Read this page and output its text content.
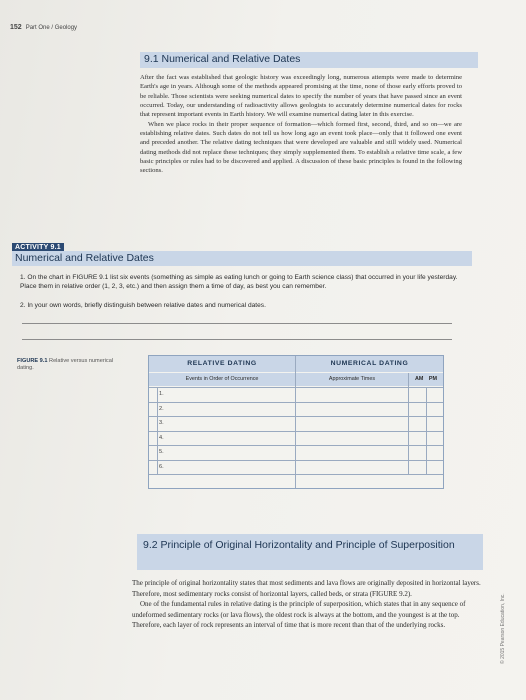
152 Part One / Geology
9.1 Numerical and Relative Dates

After the fact was established that geologic history was exceedingly long, numerous attempts were made to determine Earth's age in years. Although some of the methods appeared promising at the time, none of those early efforts proved to be reliable. Those scientists were seeking numerical dates to specify the number of years that have passed since an event occurred. Today, our understanding of radioactivity allows geologists to accurately determine numerical dates for rocks that represent important events in Earth history. We will examine numerical dating later in this exercise.

When we place rocks in their proper sequence of formation—which formed first, second, third, and so on—we are establishing relative dates. Such dates do not tell us how long ago an event took place—only that it followed one event and preceded another. The relative dating techniques that were developed are valuable and still widely used. Numerical dating methods did not replace these techniques; they simply supplemented them. To establish a relative time scale, a few basic principles or rules had to be discovered and applied. A discussion of these basic principles is found in the following sections.

ACTIVITY 9.1
Numerical and Relative Dates
1. On the chart in FIGURE 9.1 list six events (something as simple as eating lunch or going to Earth science class) that occurred in your life yesterday. Place them in relative order (1, 2, 3, etc.) and then assign them a time of day, as best you can remember.
2. In your own words, briefly distinguish between relative dates and numerical dates.
FIGURE 9.1 Relative versus numerical dating.
RELATIVE DATING	NUMERICAL DATING
Events in Order of Occurrence	Approximate Times	AM PM
1.
2.
3.
4.
5.
6.
9.2 Principle of Original Horizontality and Principle of Superposition

The principle of original horizontality states that most sediments and lava flows are originally deposited in horizontal layers. Therefore, most sedimentary rocks consist of horizontal layers, called beds, or strata (FIGURE 9.2).

One of the fundamental rules in relative dating is the principle of superposition, which states that in any sequence of undeformed sedimentary rocks (or lava flows), the oldest rock is always at the bottom, and the youngest is at the top. Therefore, each layer of rock represents an interval of time that is more recent than that of the underlying rocks.	© 2015 Pearson Education, Inc.
